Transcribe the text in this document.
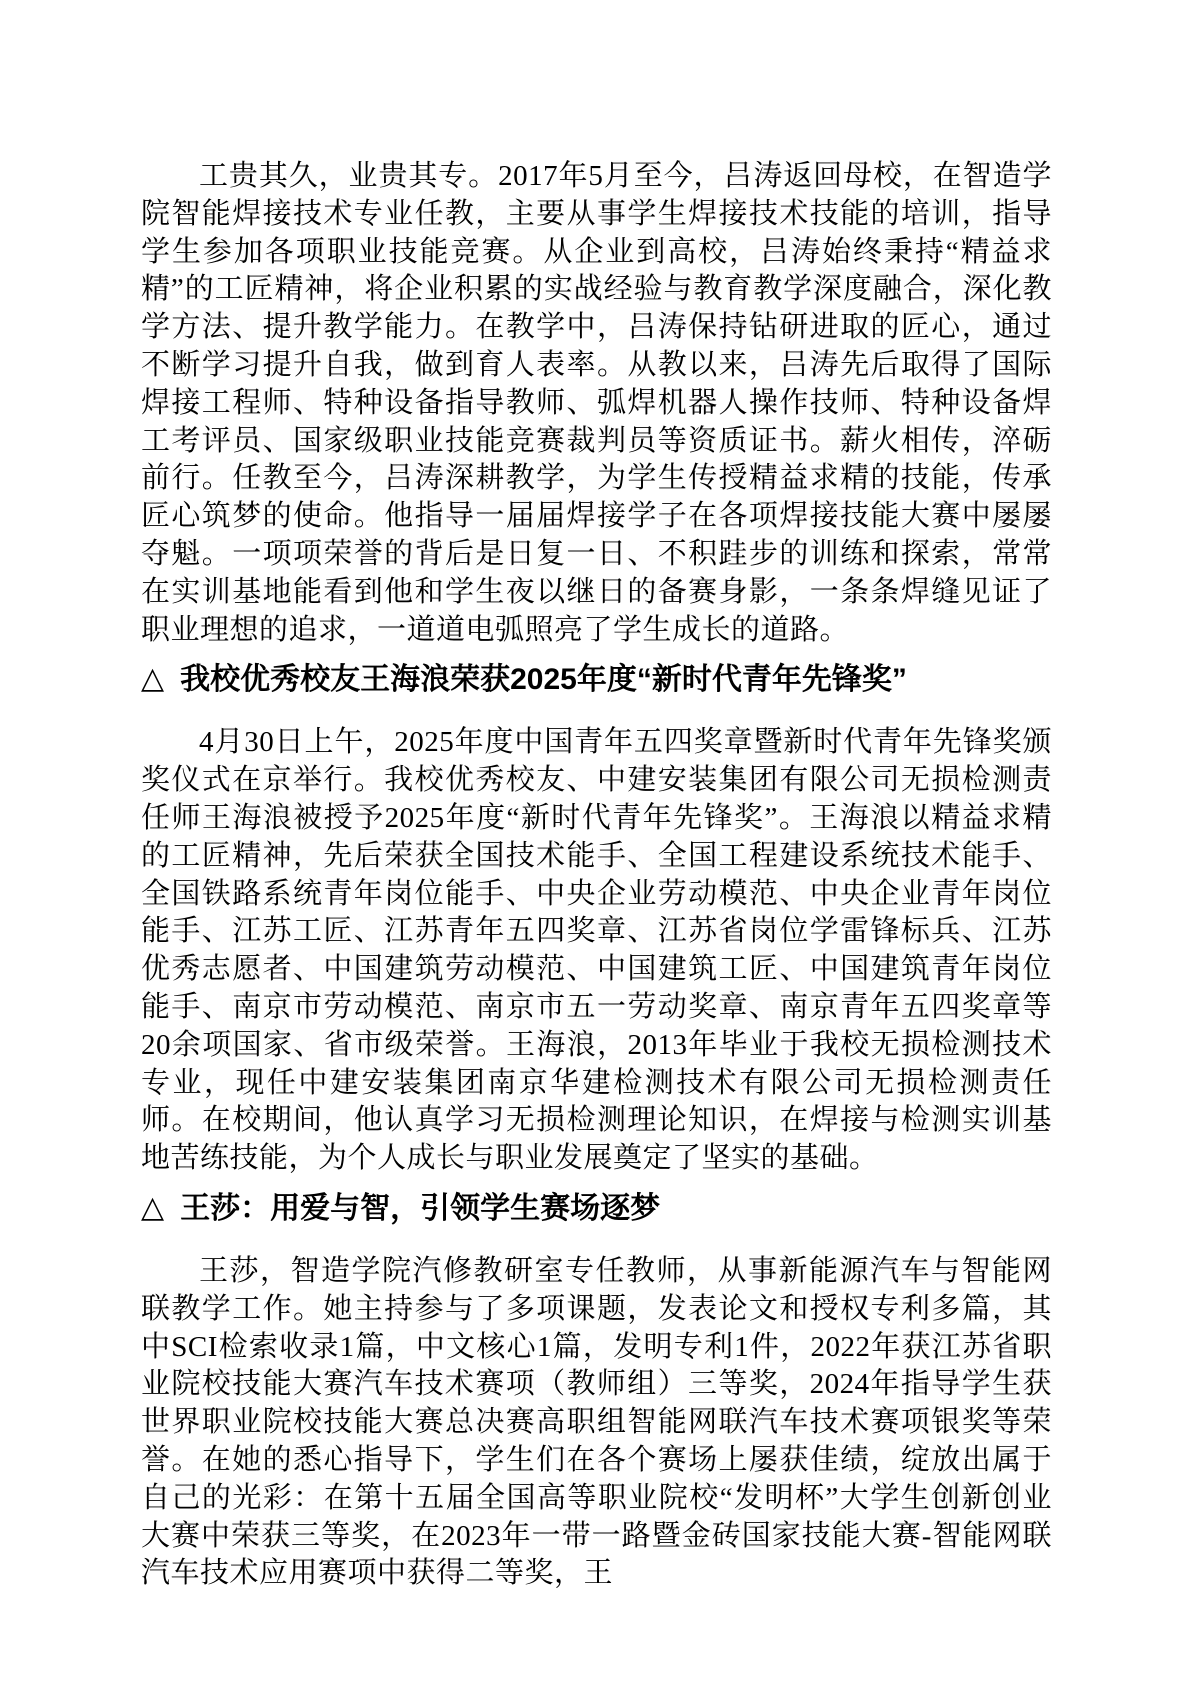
工贵其久，业贵其专。2017年5月至今，吕涛返回母校，在智造学院智能焊接技术专业任教，主要从事学生焊接技术技能的培训，指导学生参加各项职业技能竞赛。从企业到高校，吕涛始终秉持“精益求精”的工匠精神，将企业积累的实战经验与教育教学深度融合，深化教学方法、提升教学能力。在教学中，吕涛保持钻研进取的匠心，通过不断学习提升自我，做到育人表率。从教以来，吕涛先后取得了国际焊接工程师、特种设备指导教师、弧焊机器人操作技师、特种设备焊工考评员、国家级职业技能竞赛裁判员等资质证书。薪火相传，淬砺前行。任教至今，吕涛深耕教学，为学生传授精益求精的技能，传承匠心筑梦的使命。他指导一届届焊接学子在各项焊接技能大赛中屡屡夺魁。一项项荣誉的背后是日复一日、不积跬步的训练和探索，常常在实训基地能看到他和学生夜以继日的备赛身影，一条条焊缝见证了职业理想的追求，一道道电弧照亮了学生成长的道路。

△ 我校优秀校友王海浪荣获2025年度“新时代青年先锋奖”

4月30日上午，2025年度中国青年五四奖章暨新时代青年先锋奖颁奖仪式在京举行。我校优秀校友、中建安装集团有限公司无损检测责任师王海浪被授予2025年度“新时代青年先锋奖”。王海浪以精益求精的工匠精神，先后荣获全国技术能手、全国工程建设系统技术能手、全国铁路系统青年岗位能手、中央企业劳动模范、中央企业青年岗位能手、江苏工匠、江苏青年五四奖章、江苏省岗位学雷锋标兵、江苏优秀志愿者、中国建筑劳动模范、中国建筑工匠、中国建筑青年岗位能手、南京市劳动模范、南京市五一劳动奖章、南京青年五四奖章等20余项国家、省市级荣誉。王海浪，2013年毕业于我校无损检测技术专业，现任中建安装集团南京华建检测技术有限公司无损检测责任师。在校期间，他认真学习无损检测理论知识，在焊接与检测实训基地苦练技能，为个人成长与职业发展奠定了坚实的基础。

△ 王莎：用爱与智，引领学生赛场逐梦

王莎，智造学院汽修教研室专任教师，从事新能源汽车与智能网联教学工作。她主持参与了多项课题，发表论文和授权专利多篇，其中SCI检索收录1篇，中文核心1篇，发明专利1件，2022年获江苏省职业院校技能大赛汽车技术赛项（教师组）三等奖，2024年指导学生获世界职业院校技能大赛总决赛高职组智能网联汽车技术赛项银奖等荣誉。在她的悉心指导下，学生们在各个赛场上屡获佳绩，绽放出属于自己的光彩：在第十五届全国高等职业院校“发明杯”大学生创新创业大赛中荣获三等奖，在2023年一带一路暨金砖国家技能大赛-智能网联汽车技术应用赛项中获得二等奖，王
